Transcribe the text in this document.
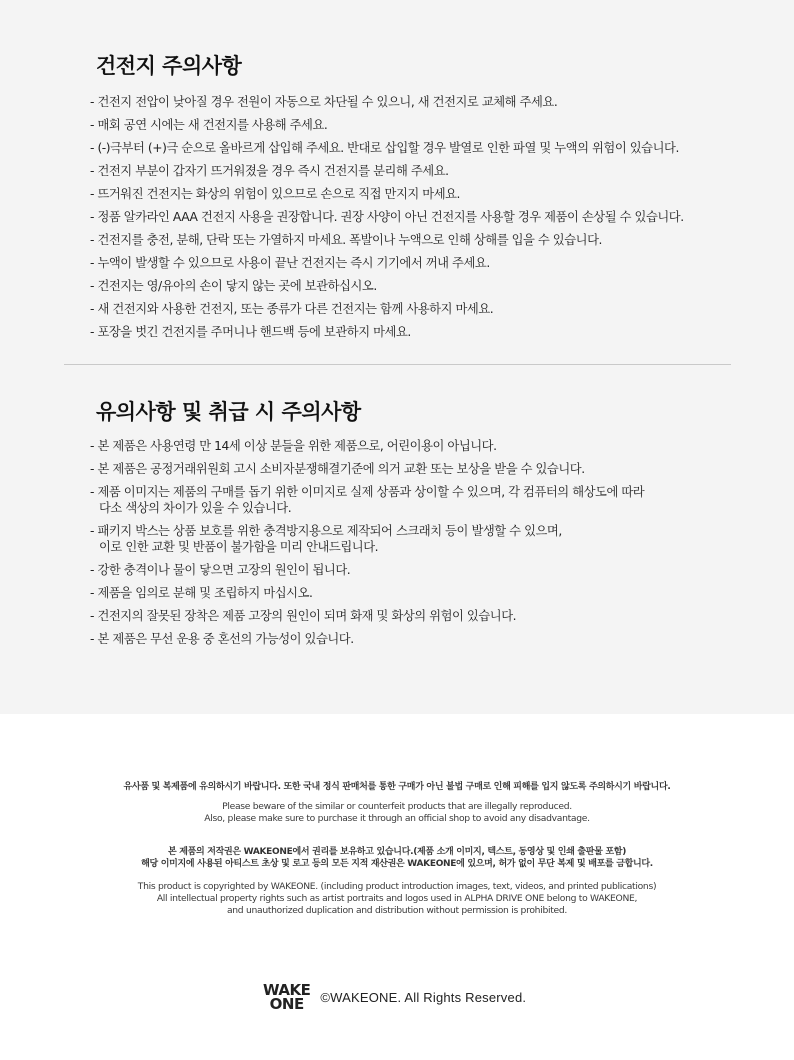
건전지 주의사항
- 건전지 전압이 낮아질 경우 전원이 자동으로 차단될 수 있으니, 새 건전지로 교체해 주세요.
- 매회 공연 시에는 새 건전지를 사용해 주세요.
- (-)극부터 (+)극 순으로 올바르게 삽입해 주세요. 반대로 삽입할 경우 발열로 인한 파열 및 누액의 위험이 있습니다.
- 건전지 부분이 갑자기 뜨거워졌을 경우 즉시 건전지를 분리해 주세요.
- 뜨거워진 건전지는 화상의 위험이 있으므로 손으로 직접 만지지 마세요.
- 정품 알카라인 AAA 건전지 사용을 권장합니다. 권장 사양이 아닌 건전지를 사용할 경우 제품이 손상될 수 있습니다.
- 건전지를 충전, 분해, 단락 또는 가열하지 마세요. 폭발이나 누액으로 인해 상해를 입을 수 있습니다.
- 누액이 발생할 수 있으므로 사용이 끝난 건전지는 즉시 기기에서 꺼내 주세요.
- 건전지는 영/유아의 손이 닿지 않는 곳에 보관하십시오.
- 새 건전지와 사용한 건전지, 또는 종류가 다른 건전지는 함께 사용하지 마세요.
- 포장을 벗긴 건전지를 주머니나 핸드백 등에 보관하지 마세요.
유의사항 및 취급 시 주의사항
- 본 제품은 사용연령 만 14세 이상 분들을 위한 제품으로, 어린이용이 아닙니다.
- 본 제품은 공정거래위원회 고시 소비자분쟁해결기준에 의거 교환 또는 보상을 받을 수 있습니다.
- 제품 이미지는 제품의 구매를 돕기 위한 이미지로 실제 상품과 상이할 수 있으며, 각 컴퓨터의 해상도에 따라
다소 색상의 차이가 있을 수 있습니다.
- 패키지 박스는 상품 보호를 위한 충격방지용으로 제작되어 스크래치 등이 발생할 수 있으며,
이로 인한 교환 및 반품이 불가함을 미리 안내드립니다.
- 강한 충격이나 물이 닿으면 고장의 원인이 됩니다.
- 제품을 임의로 분해 및 조립하지 마십시오.
- 건전지의 잘못된 장착은 제품 고장의 원인이 되며 화재 및 화상의 위험이 있습니다.
- 본 제품은 무선 운용 중 혼선의 가능성이 있습니다.
유사품 및 복제품에 유의하시기 바랍니다. 또한 국내 정식 판매처를 통한 구매가 아닌 불법 구매로 인해 피해를 입지 않도록 주의하시기 바랍니다.
Please beware of the similar or counterfeit products that are illegally reproduced.
Also, please make sure to purchase it through an official shop to avoid any disadvantage.
본 제품의 저작권은 WAKEONE에서 권리를 보유하고 있습니다.(제품 소개 이미지, 텍스트, 동영상 및 인쇄 출판물 포함)
해당 이미지에 사용된 아티스트 초상 및 로고 등의 모든 지적 재산권은 WAKEONE에 있으며, 허가 없이 무단 복제 및 배포를 금합니다.
This product is copyrighted by WAKEONE. (including product introduction images, text, videos, and printed publications)
All intellectual property rights such as artist portraits and logos used in ALPHA DRIVE ONE belong to WAKEONE,
and unauthorized duplication and distribution without permission is prohibited.
WAKE
ONE	©WAKEONE. All Rights Reserved.
